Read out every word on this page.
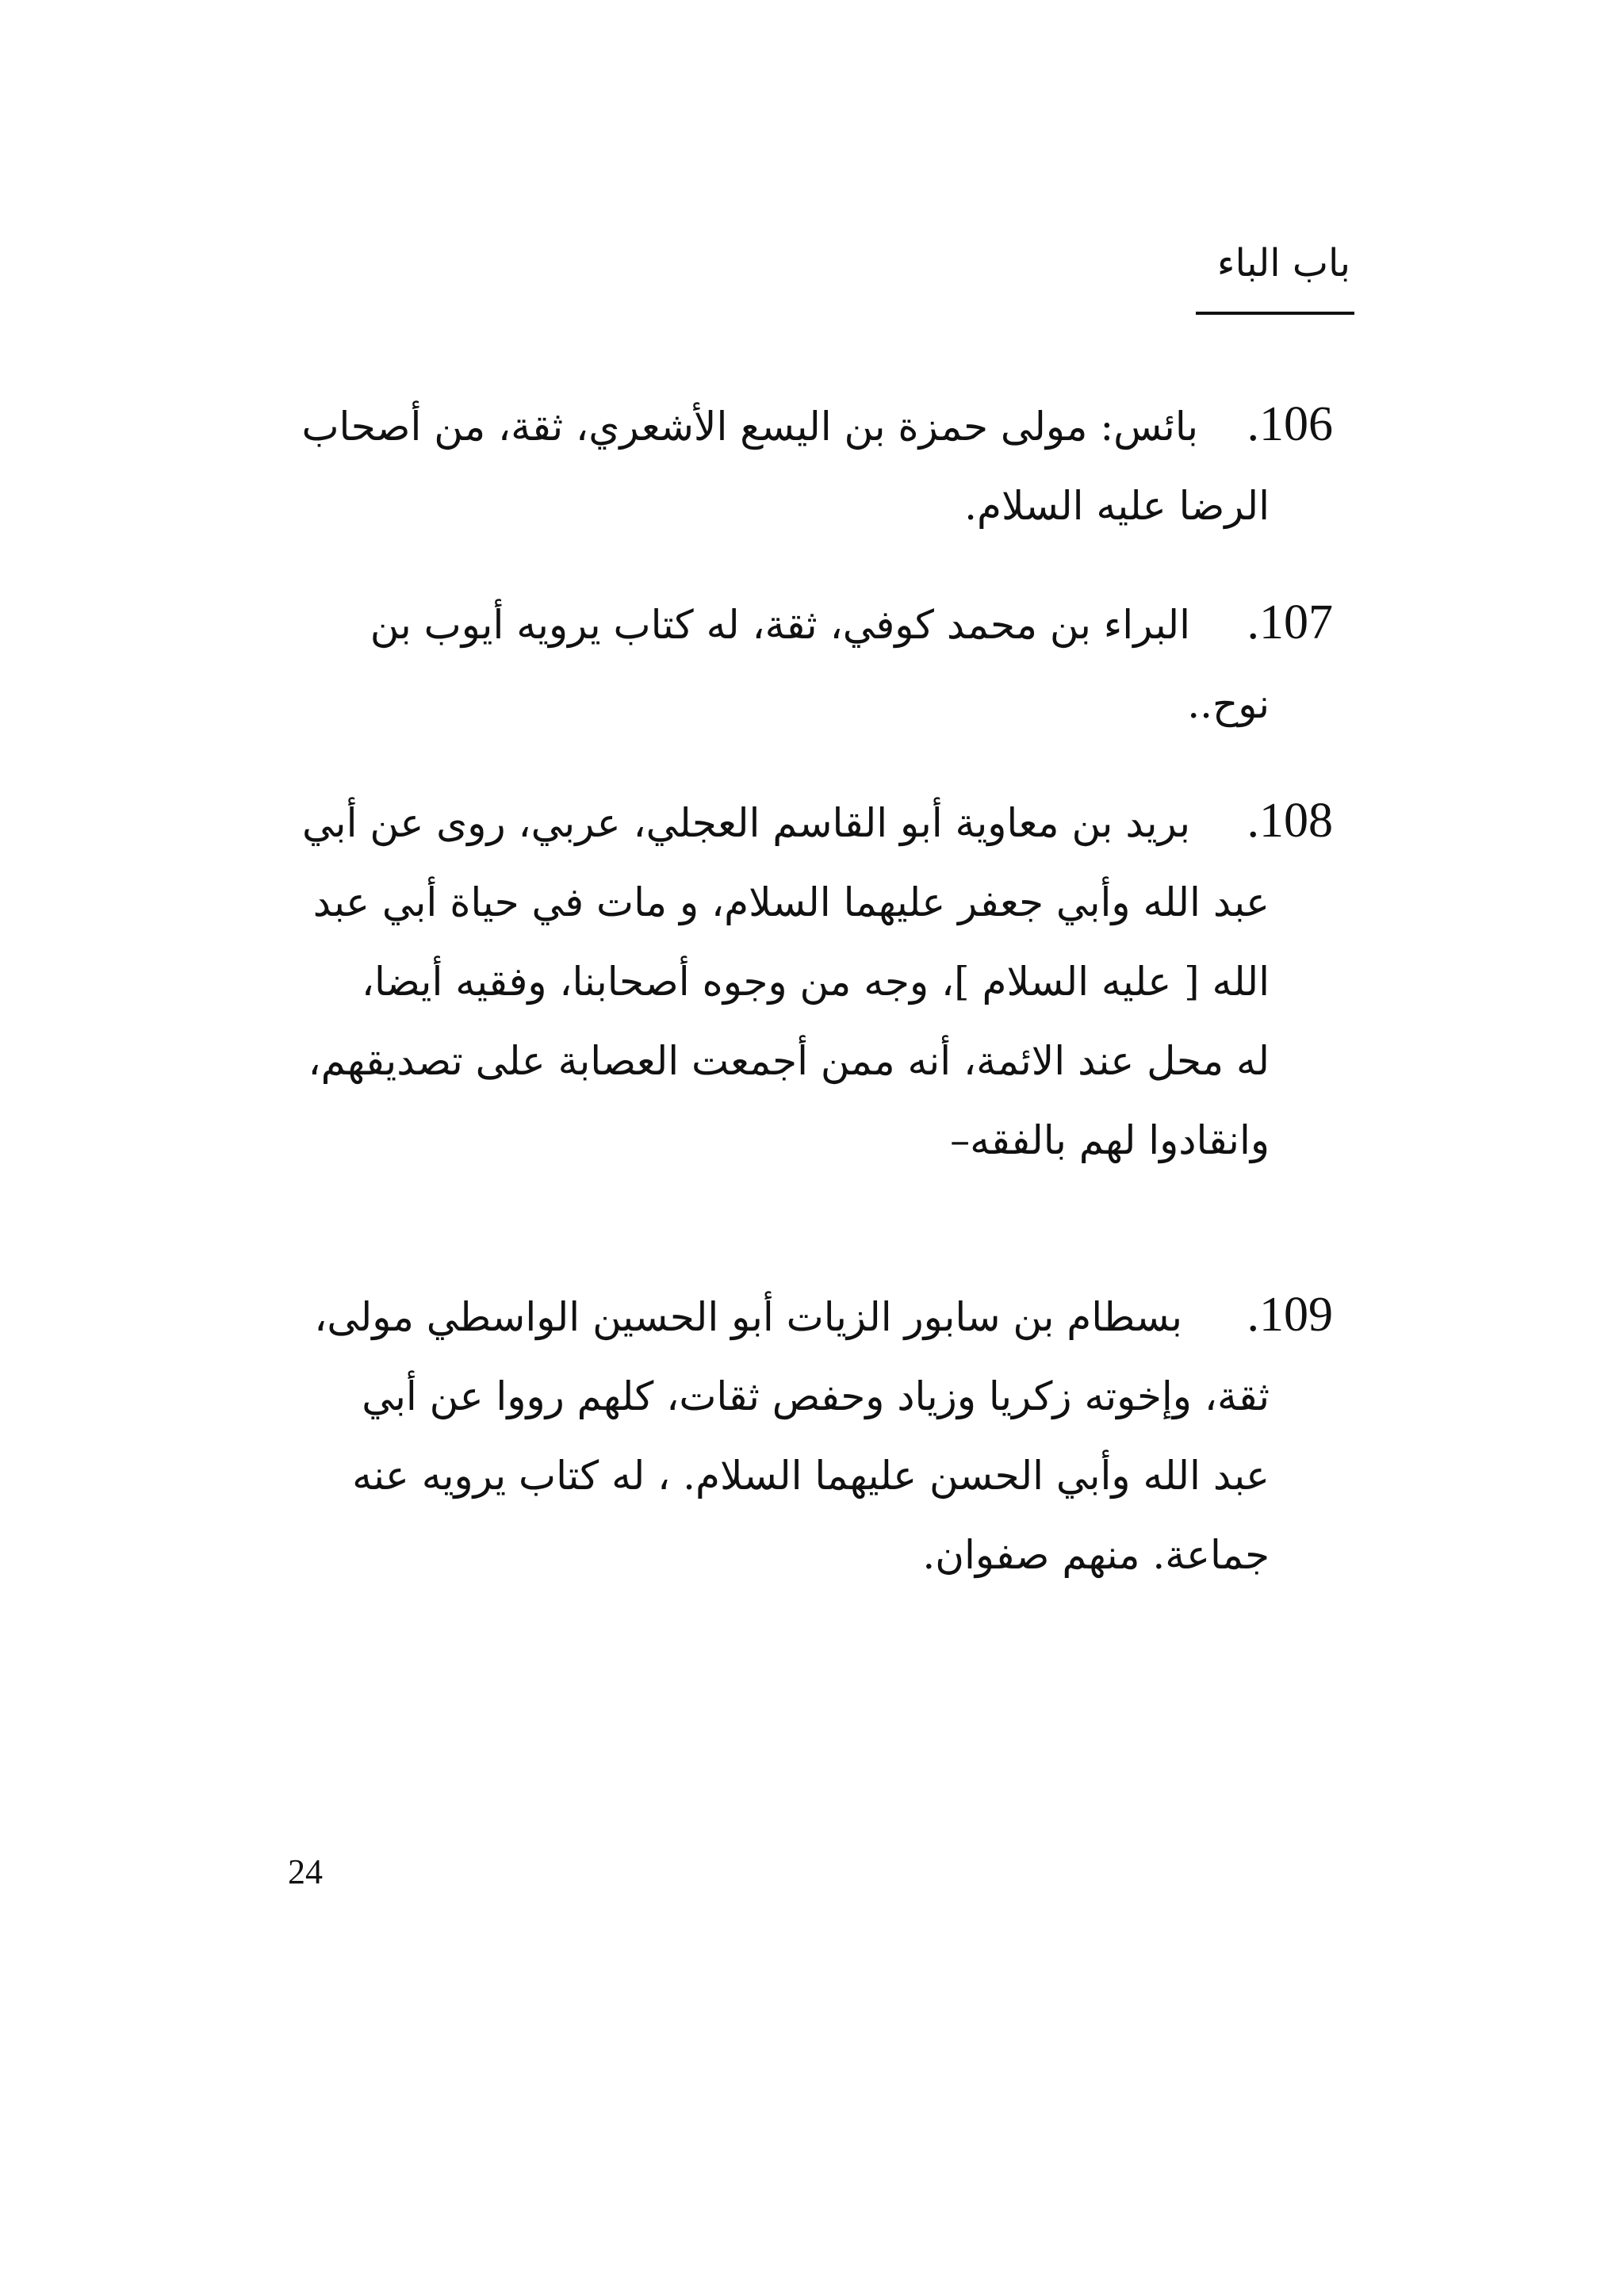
باب الباء
106.بائس: مولى حمزة بن اليسع الأشعري، ثقة، من أصحاب
الرضا عليه السلام.
107.البراء بن محمد كوفي، ثقة، له كتاب يرويه أيوب بن
نوح..
108.بريد بن معاوية أبو القاسم العجلي، عربي، روى عن أبي
عبد الله وأبي جعفر عليهما السلام، و مات في حياة أبي عبد
الله [ عليه السلام ]، وجه من وجوه أصحابنا، وفقيه أيضا،
له محل عند الائمة، أنه ممن أجمعت العصابة على تصديقهم،
وانقادوا لهم بالفقه–
109.بسطام بن سابور الزيات أبو الحسين الواسطي مولى،
ثقة، وإخوته زكريا وزياد وحفص ثقات، كلهم رووا عن أبي
عبد الله وأبي الحسن عليهما السلام. ، له كتاب يرويه عنه
جماعة. منهم صفوان.
24
